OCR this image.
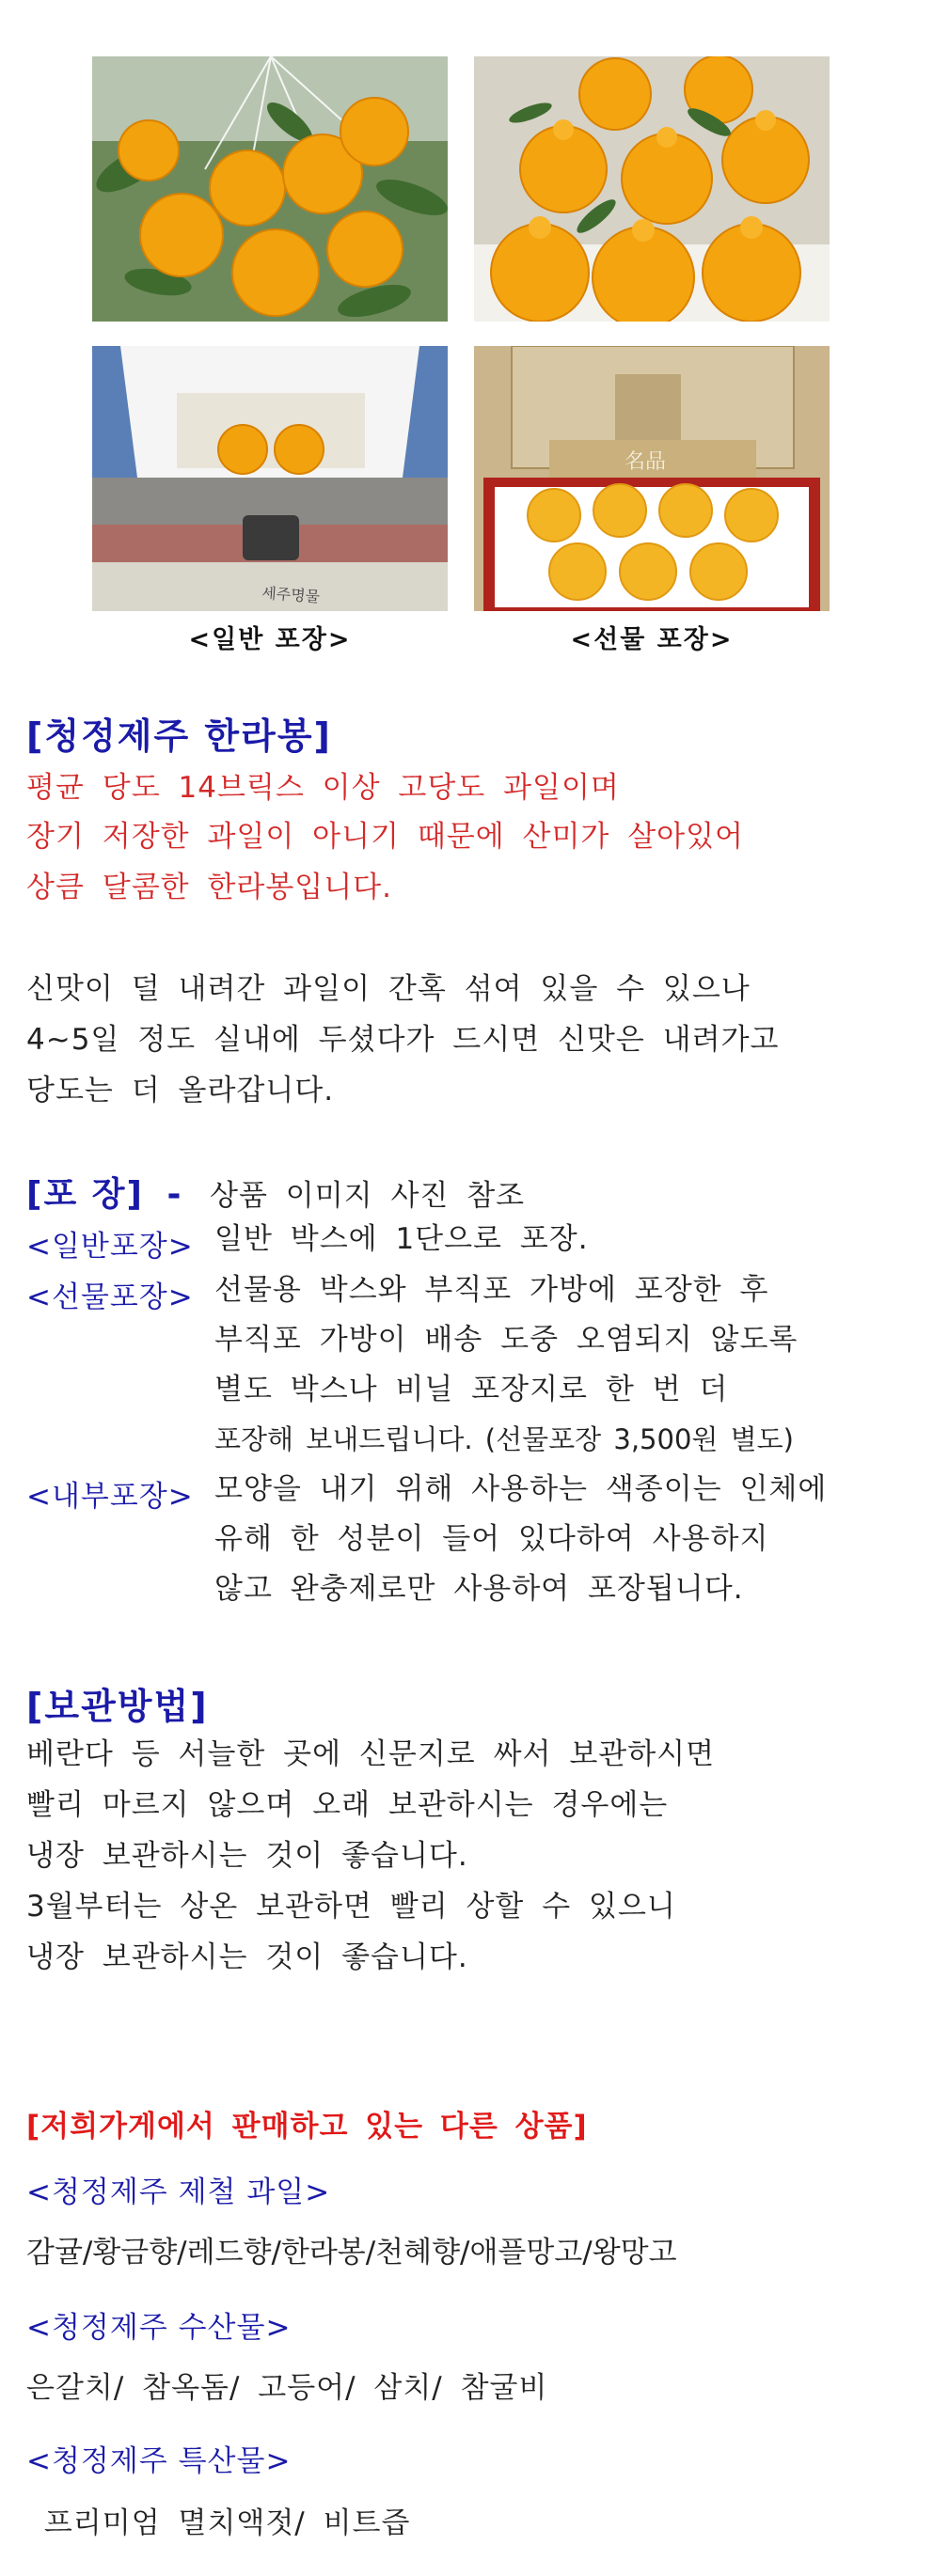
세주명물
名品
<일반 포장>	<선물 포장>
[청정제주 한라봉]
평균 당도 14브릭스 이상 고당도 과일이며
장기 저장한 과일이 아니기 때문에 산미가 살아있어
상큼 달콤한 한라봉입니다.
신맛이 덜 내려간 과일이 간혹 섞여 있을 수 있으나
4~5일 정도 실내에 두셨다가 드시면 신맛은 내려가고
당도는 더 올라갑니다.
[포 장] - 상품 이미지 사진 참조
<일반포장> 일반 박스에 1단으로 포장.
<선물포장> 선물용 박스와 부직포 가방에 포장한 후
부직포 가방이 배송 도중 오염되지 않도록
별도 박스나 비닐 포장지로 한 번 더
포장해 보내드립니다. (선물포장 3,500원 별도)
<내부포장> 모양을 내기 위해 사용하는 색종이는 인체에
유해 한 성분이 들어 있다하여 사용하지
않고 완충제로만 사용하여 포장됩니다.
[보관방법]
베란다 등 서늘한 곳에 신문지로 싸서 보관하시면
빨리 마르지 않으며 오래 보관하시는 경우에는
냉장 보관하시는 것이 좋습니다.
3월부터는 상온 보관하면 빨리 상할 수 있으니
냉장 보관하시는 것이 좋습니다.
[저희가게에서 판매하고 있는 다른 상품]
<청정제주 제철 과일>
감귤/황금향/레드향/한라봉/천혜향/애플망고/왕망고
<청정제주 수산물>
은갈치/ 참옥돔/ 고등어/ 삼치/ 참굴비
<청정제주 특산물>
프리미엄 멸치액젓/ 비트즙
